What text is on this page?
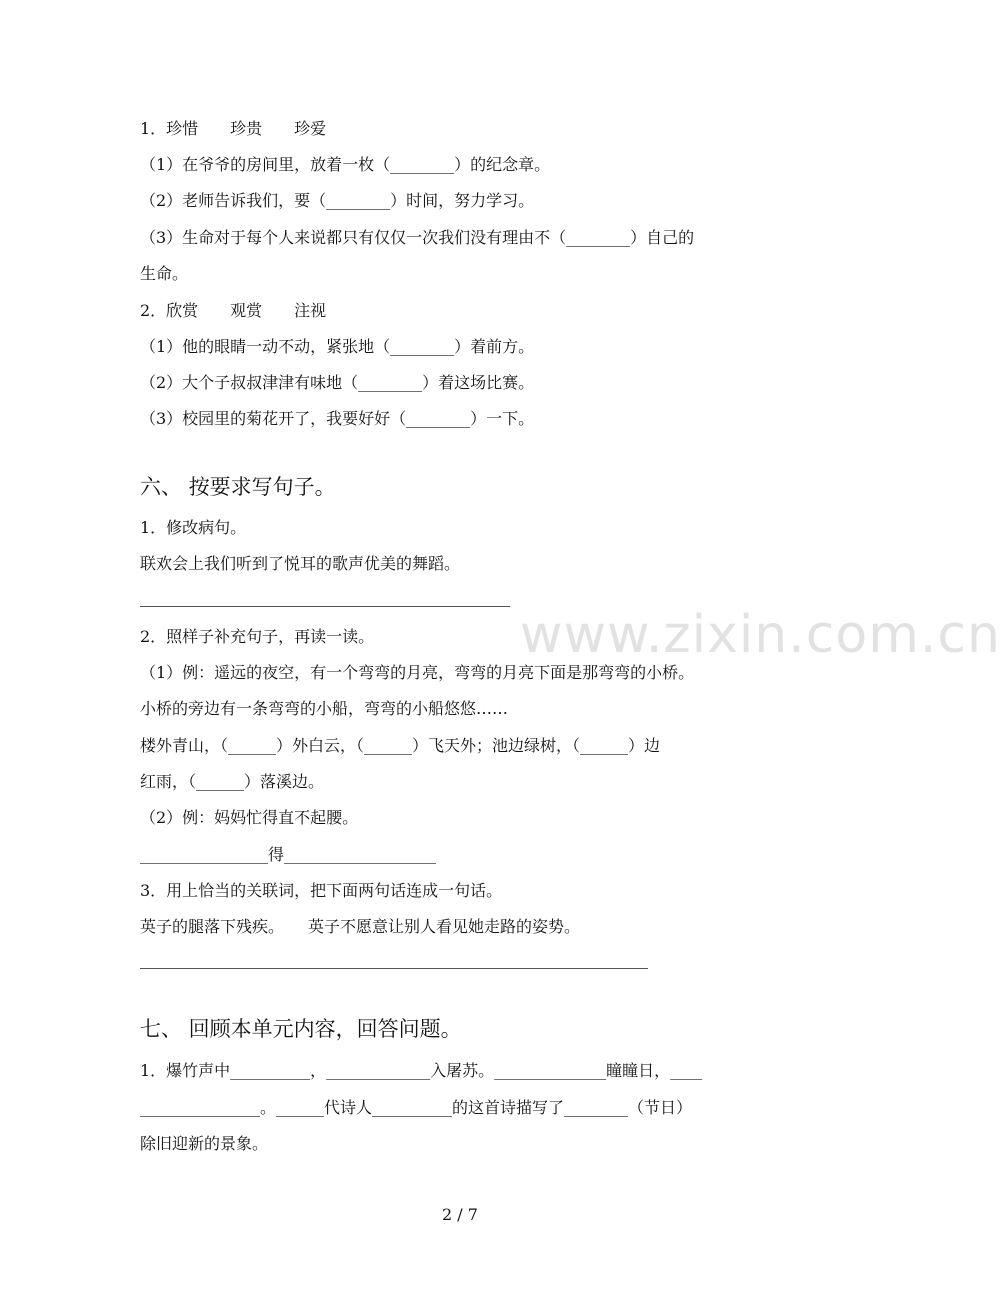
www.zixin.com.cn
1．珍惜　　珍贵　　珍爱
（1）在爷爷的房间里，放着一枚（________）的纪念章。
（2）老师告诉我们，要（________）时间，努力学习。
（3）生命对于每个人来说都只有仅仅一次我们没有理由不（________）自己的
生命。
2．欣赏　　观赏　　注视
（1）他的眼睛一动不动，紧张地（________）着前方。
（2）大个子叔叔津津有味地（________）着这场比赛。
（3）校园里的菊花开了，我要好好（________）一下。
六、 按要求写句子。
1．修改病句。
联欢会上我们听到了悦耳的歌声优美的舞蹈。
2．照样子补充句子，再读一读。
（1）例：遥远的夜空，有一个弯弯的月亮，弯弯的月亮下面是那弯弯的小桥。
小桥的旁边有一条弯弯的小船，弯弯的小船悠悠……
楼外青山，（______）外白云，（______）飞天外；池边绿树，（______）边
红雨，（______）落溪边。
（2）例：妈妈忙得直不起腰。
________________得___________________
3．用上恰当的关联词，把下面两句话连成一句话。
英子的腿落下残疾。　　英子不愿意让别人看见她走路的姿势。
七、 回顾本单元内容，回答问题。
1．爆竹声中__________，_____________入屠苏。______________瞳瞳日，____
_______________。______代诗人__________的这首诗描写了________（节日）
除旧迎新的景象。
2 / 7
